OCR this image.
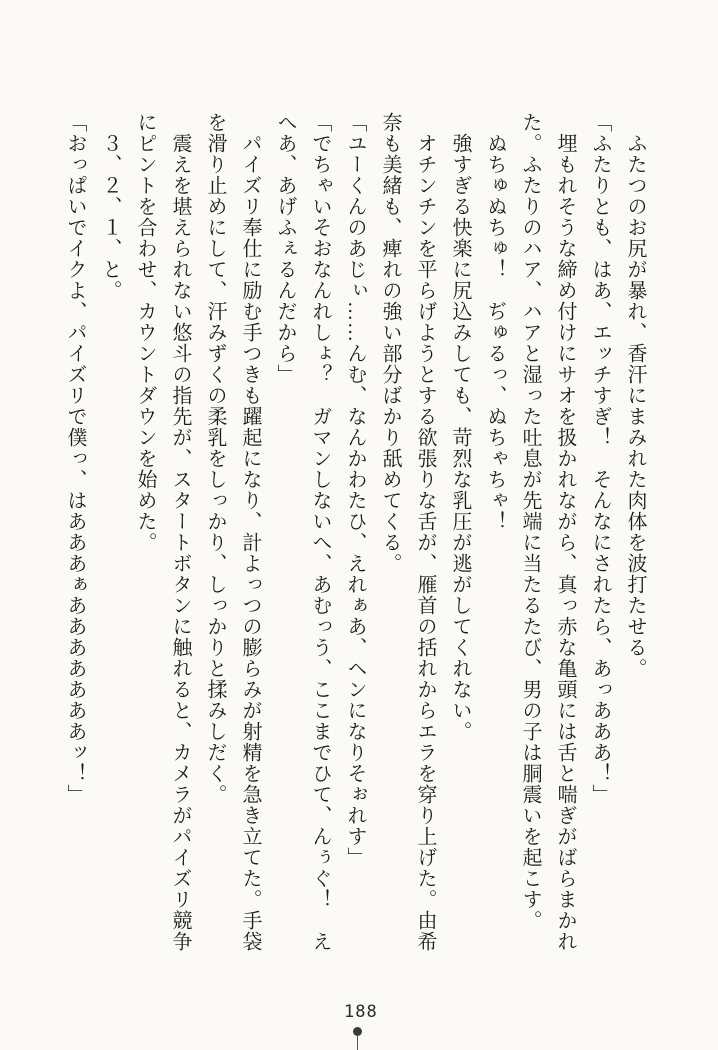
ふたつのお尻が暴れ、香汗にまみれた肉体を波打たせる。

「ふたりとも、はあ、エッチすぎ！　そんなにされたら、あっあああ！」

埋もれそうな締め付けにサオを扱かれながら、真っ赤な亀頭には舌と喘ぎがばらまかれた。ふたりのハア、ハアと湿った吐息が先端に当たるたび、男の子は胴震いを起こす。

ぬちゅぬちゅ！　ぢゅるっ、ぬちゃちゃ！

強すぎる快楽に尻込みしても、苛烈な乳圧が逃がしてくれない。

オチンチンを平らげようとする欲張りな舌が、雁首の括れからエラを穿り上げた。由希奈も美緒も、痺れの強い部分ばかり舐めてくる。

「ユーくんのあじぃ……んむ、なんかわたひ、えれぁあ、ヘンになりそぉれす」

「でちゃいそおなんれしょ？　ガマンしないへ、あむっう、ここまでひて、んぅぐ！　えへあ、あげふぇるんだから」

パイズリ奉仕に励む手つきも躍起になり、計よっつの膨らみが射精を急き立てた。手袋を滑り止めにして、汗みずくの柔乳をしっかり、しっかりと揉みしだく。

震えを堪えられない悠斗の指先が、スタートボタンに触れると、カメラがパイズリ競争にピントを合わせ、カウントダウンを始めた。

３、２、１、と。

「おっぱいでイクよ、パイズリで僕っ、はあああぁあああああああッ！」

188
